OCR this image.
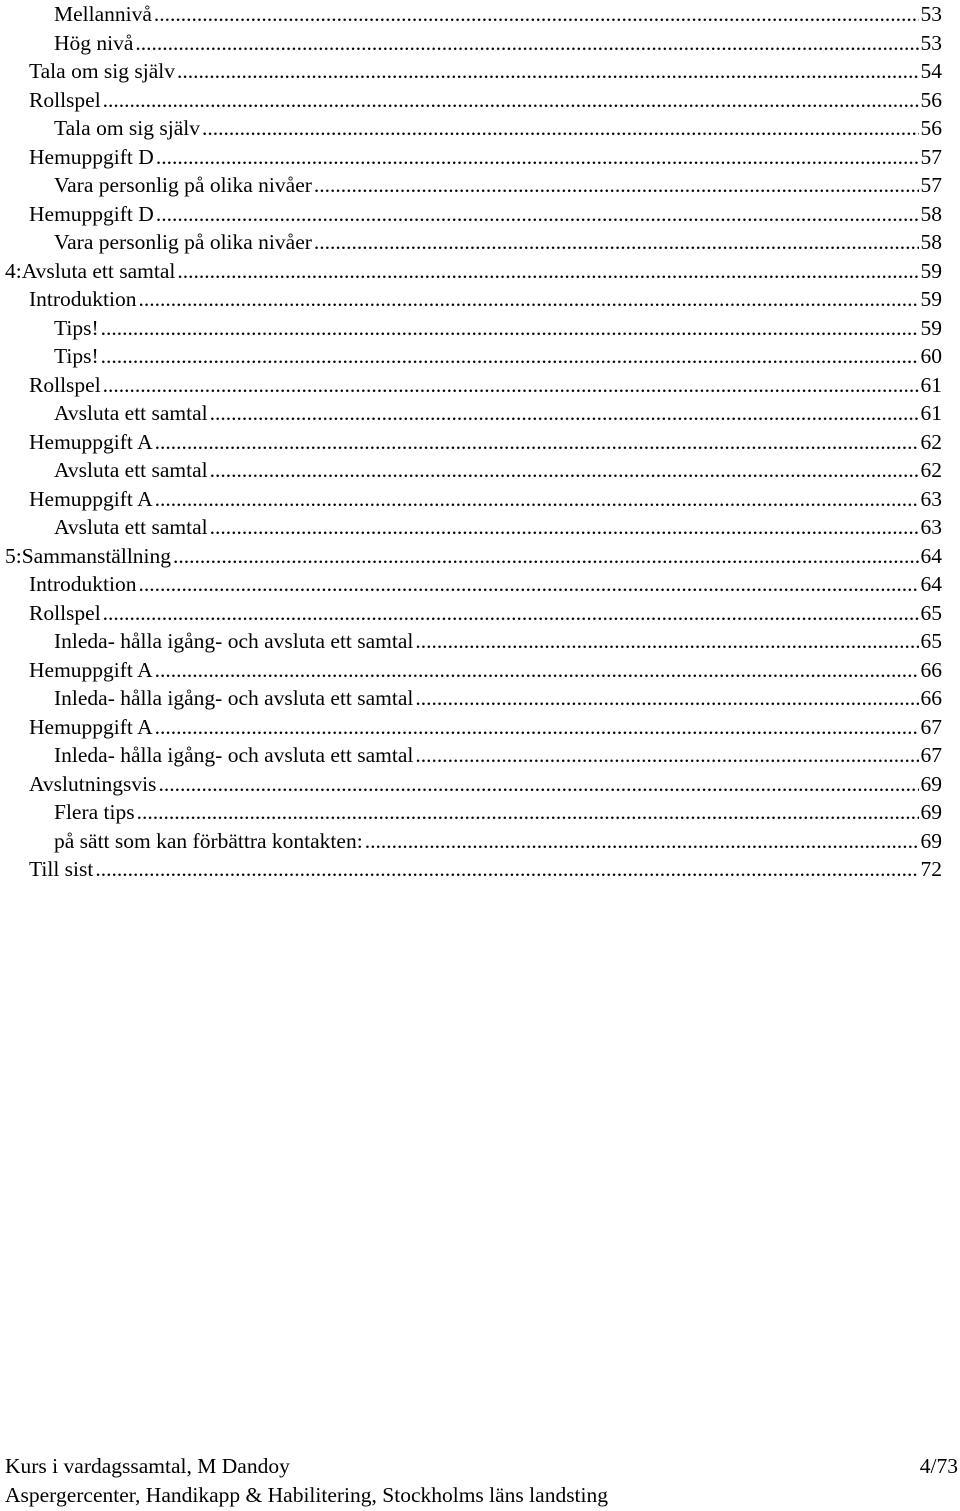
Mellannivå .....	53
Hög nivå .....	53
Tala om sig själv .....	54
Rollspel .....	56
Tala om sig själv .....	56
Hemuppgift D .....	57
Vara personlig på olika nivåer .....	57
Hemuppgift D .....	58
Vara personlig på olika nivåer .....	58
4:Avsluta ett samtal .....	59
Introduktion .....	59
Tips! .....	59
Tips! .....	60
Rollspel .....	61
Avsluta ett samtal .....	61
Hemuppgift A .....	62
Avsluta ett samtal .....	62
Hemuppgift A .....	63
Avsluta ett samtal .....	63
5:Sammanställning .....	64
Introduktion .....	64
Rollspel .....	65
Inleda- hålla igång- och avsluta ett samtal .....	65
Hemuppgift A .....	66
Inleda- hålla igång- och avsluta ett samtal .....	66
Hemuppgift A .....	67
Inleda- hålla igång- och avsluta ett samtal .....	67
Avslutningsvis .....	69
Flera tips .....	69
på sätt som kan förbättra kontakten: .....	69
Till sist .....	72
Kurs i vardagssamtal, M Dandoy	4/73
Aspergercenter, Handikapp & Habilitering, Stockholms läns landsting
